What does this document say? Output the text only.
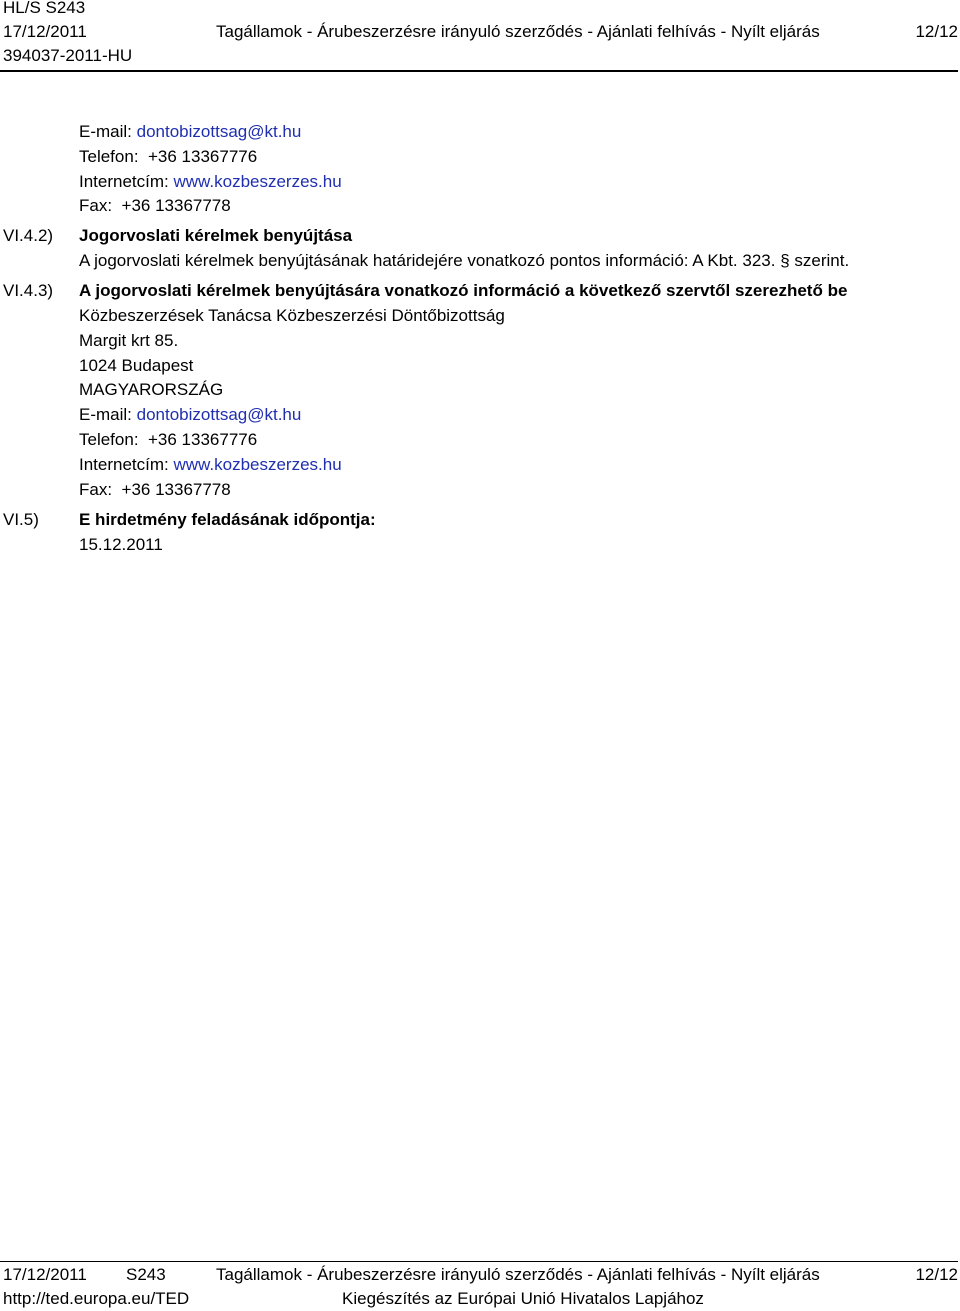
HL/S S243
17/12/2011	Tagállamok - Árubeszerzésre irányuló szerződés - Ajánlati felhívás - Nyílt eljárás	12/12
394037-2011-HU
E-mail: dontobizottsag@kt.hu
Telefon: +36 13367776
Internetcím: www.kozbeszerzes.hu
Fax: +36 13367778
VI.4.2) Jogorvoslati kérelmek benyújtása
A jogorvoslati kérelmek benyújtásának határidejére vonatkozó pontos információ: A Kbt. 323. § szerint.
VI.4.3) A jogorvoslati kérelmek benyújtására vonatkozó információ a következő szervtől szerezhető be
Közbeszerzések Tanácsa Közbeszerzési Döntőbizottság
Margit krt 85.
1024 Budapest
MAGYARORSZÁG
E-mail: dontobizottsag@kt.hu
Telefon: +36 13367776
Internetcím: www.kozbeszerzes.hu
Fax: +36 13367778
VI.5) E hirdetmény feladásának időpontja:
15.12.2011
17/12/2011 S243	Tagállamok - Árubeszerzésre irányuló szerződés - Ajánlati felhívás - Nyílt eljárás	12/12
http://ted.europa.eu/TED	Kiegészítés az Európai Unió Hivatalos Lapjához
